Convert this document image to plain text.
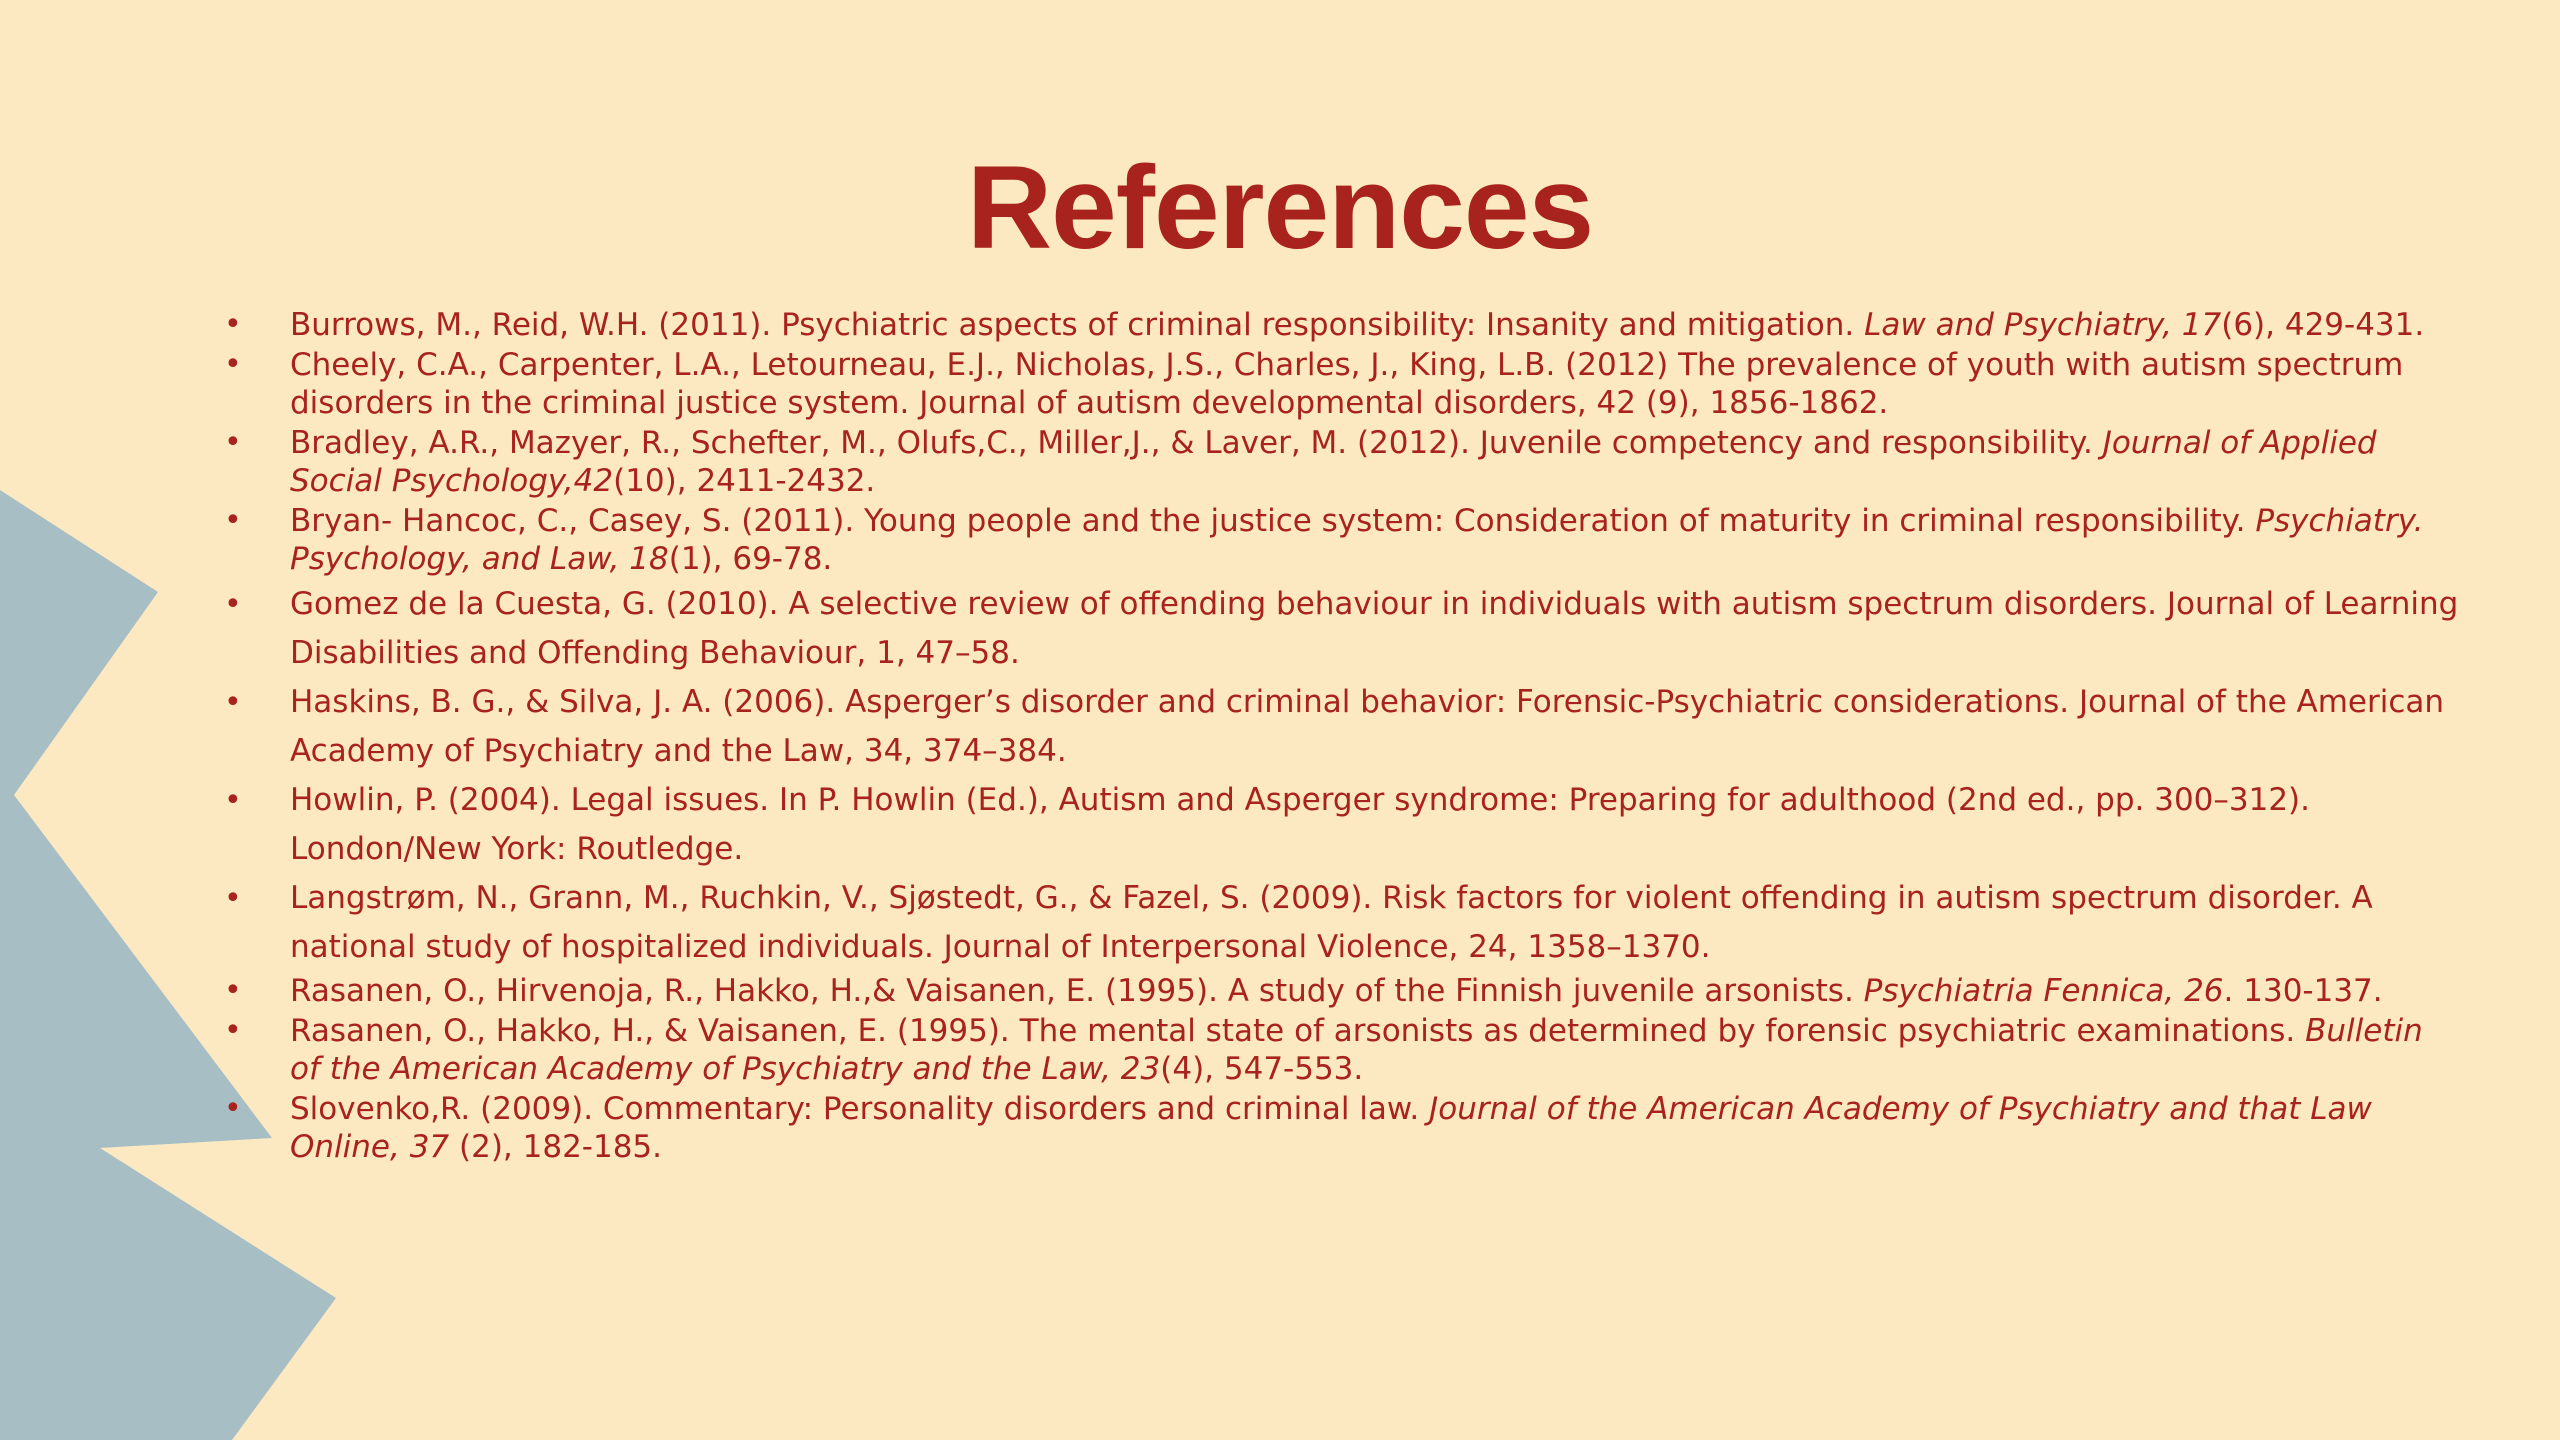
References
• Burrows, M., Reid, W.H. (2011). Psychiatric aspects of criminal responsibility: Insanity and mitigation. Law and Psychiatry, 17(6), 429-431.
• Cheely, C.A., Carpenter, L.A., Letourneau, E.J., Nicholas, J.S., Charles, J., King, L.B. (2012) The prevalence of youth with autism spectrum disorders in the criminal justice system. Journal of autism developmental disorders, 42 (9), 1856-1862.
• Bradley, A.R., Mazyer, R., Schefter, M., Olufs,C., Miller,J., & Laver, M. (2012). Juvenile competency and responsibility. Journal of Applied Social Psychology,42(10), 2411-2432.
• Bryan- Hancoc, C., Casey, S. (2011). Young people and the justice system: Consideration of maturity in criminal responsibility. Psychiatry. Psychology, and Law, 18(1), 69-78.
• Gomez de la Cuesta, G. (2010). A selective review of offending behaviour in individuals with autism spectrum disorders. Journal of Learning Disabilities and Offending Behaviour, 1, 47–58.
• Haskins, B. G., & Silva, J. A. (2006). Asperger’s disorder and criminal behavior: Forensic-Psychiatric considerations. Journal of the American Academy of Psychiatry and the Law, 34, 374–384.
• Howlin, P. (2004). Legal issues. In P. Howlin (Ed.), Autism and Asperger syndrome: Preparing for adulthood (2nd ed., pp. 300–312). London/New York: Routledge.
• Langstrøm, N., Grann, M., Ruchkin, V., Sjøstedt, G., & Fazel, S. (2009). Risk factors for violent offending in autism spectrum disorder. A national study of hospitalized individuals. Journal of Interpersonal Violence, 24, 1358–1370.
• Rasanen, O., Hirvenoja, R., Hakko, H.,& Vaisanen, E. (1995). A study of the Finnish juvenile arsonists. Psychiatria Fennica, 26. 130-137.
• Rasanen, O., Hakko, H., & Vaisanen, E. (1995). The mental state of arsonists as determined by forensic psychiatric examinations. Bulletin of the American Academy of Psychiatry and the Law, 23(4), 547-553.
• Slovenko,R. (2009). Commentary: Personality disorders and criminal law. Journal of the American Academy of Psychiatry and that Law Online, 37 (2), 182-185.
